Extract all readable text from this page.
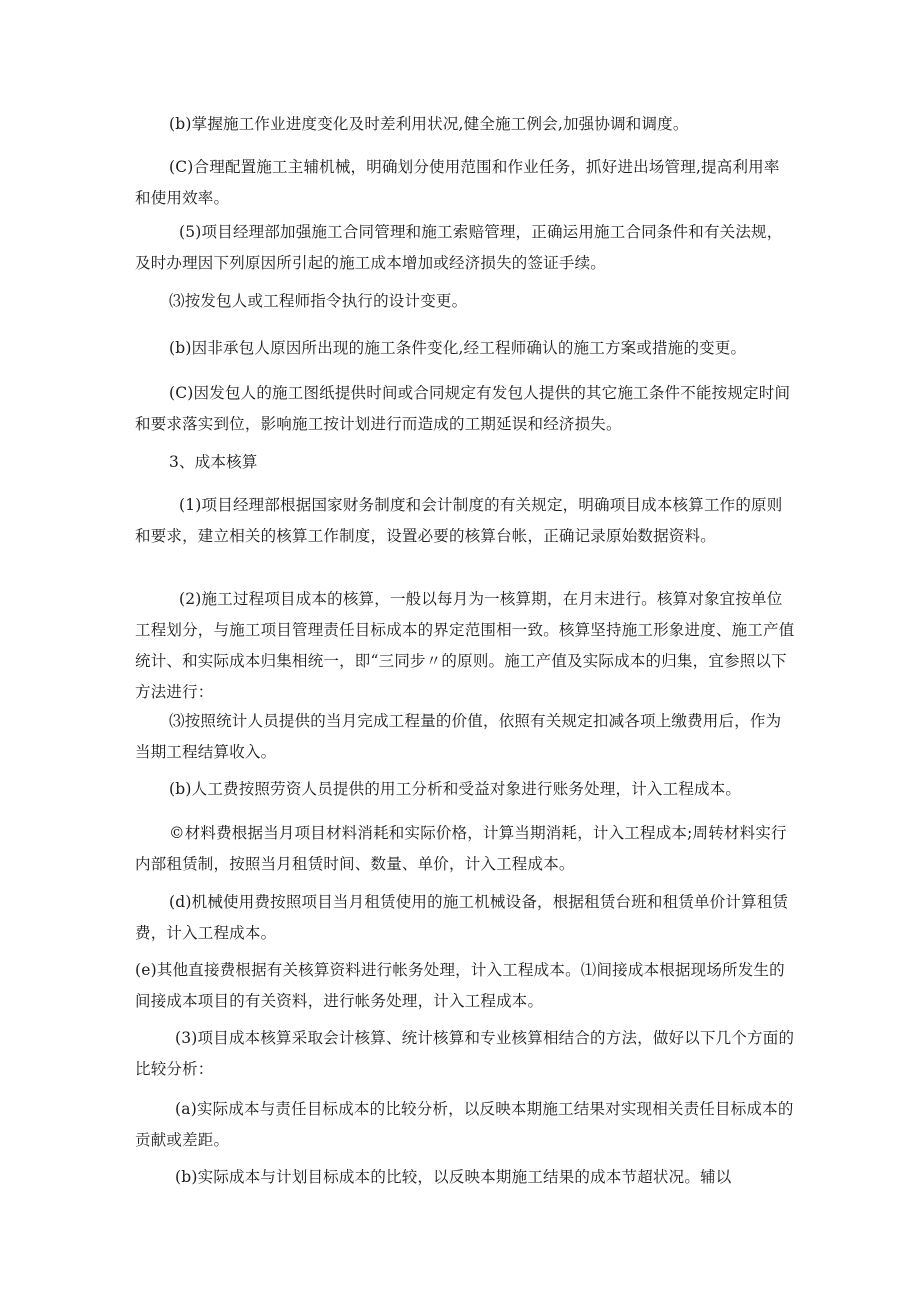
(b)掌握施工作业进度变化及时差利用状况,健全施工例会,加强协调和调度。

(C)合理配置施工主辅机械，明确划分使用范围和作业任务，抓好进出场管理,提高利用率和使用效率。

(5)项目经理部加强施工合同管理和施工索赔管理，正确运用施工合同条件和有关法规，及时办理因下列原因所引起的施工成本增加或经济损失的签证手续。

⑶按发包人或工程师指令执行的设计变更。

(b)因非承包人原因所出现的施工条件变化,经工程师确认的施工方案或措施的变更。

(C)因发包人的施工图纸提供时间或合同规定有发包人提供的其它施工条件不能按规定时间和要求落实到位，影响施工按计划进行而造成的工期延误和经济损失。

3、成本核算

(1)项目经理部根据国家财务制度和会计制度的有关规定，明确项目成本核算工作的原则和要求，建立相关的核算工作制度，设置必要的核算台帐，正确记录原始数据资料。

(2)施工过程项目成本的核算，一般以每月为一核算期，在月末进行。核算对象宜按单位工程划分，与施工项目管理责任目标成本的界定范围相一致。核算坚持施工形象进度、施工产值统计、和实际成本归集相统一，即“三同步〃的原则。施工产值及实际成本的归集，宜参照以下方法进行：

⑶按照统计人员提供的当月完成工程量的价值，依照有关规定扣减各项上缴费用后，作为当期工程结算收入。

(b)人工费按照劳资人员提供的用工分析和受益对象进行账务处理，计入工程成本。

©材料费根据当月项目材料消耗和实际价格，计算当期消耗，计入工程成本;周转材料实行内部租赁制，按照当月租赁时间、数量、单价，计入工程成本。

(d)机械使用费按照项目当月租赁使用的施工机械设备，根据租赁台班和租赁单价计算租赁费，计入工程成本。

(e)其他直接费根据有关核算资料进行帐务处理，计入工程成本。⑴间接成本根据现场所发生的间接成本项目的有关资料，进行帐务处理，计入工程成本。

(3)项目成本核算采取会计核算、统计核算和专业核算相结合的方法，做好以下几个方面的比较分析：

(a)实际成本与责任目标成本的比较分析，以反映本期施工结果对实现相关责任目标成本的贡献或差距。

(b)实际成本与计划目标成本的比较，以反映本期施工结果的成本节超状况。辅以
